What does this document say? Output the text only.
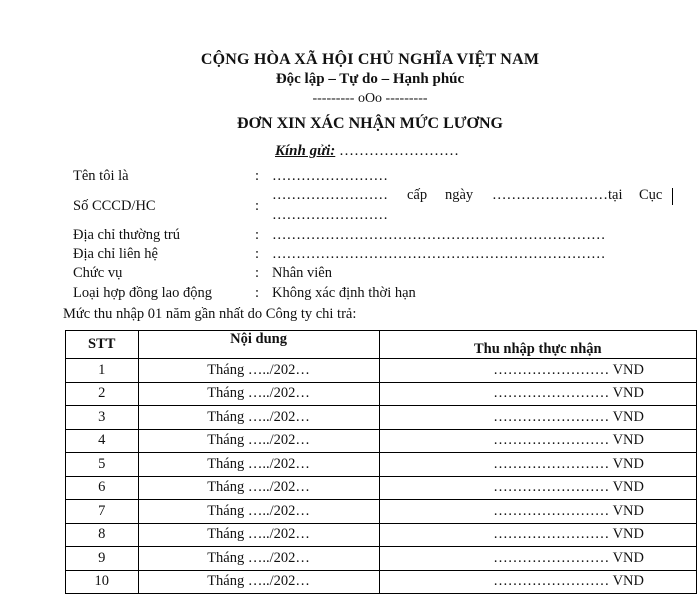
CỘNG HÒA XÃ HỘI CHỦ NGHĨA VIỆT NAM
Độc lập – Tự do – Hạnh phúc
--------- oOo ---------
ĐƠN XIN XÁC NHẬN MỨC LƯƠNG
Kính gửi: ……………………
Tên tôi là	: ……………………
Số CCCD/HC	:
…………………… cấp ngày …………………… tại Cục
……………………
Địa chỉ thường trú	: ……………………………………………………………
Địa chỉ liên hệ	: ……………………………………………………………
Chức vụ	: Nhân viên
Loại hợp đồng lao động	: Không xác định thời hạn
Mức thu nhập 01 năm gần nhất do Công ty chi trả:
STT	Nội dung	Thu nhập thực nhận
1	Tháng …../202…	…………………… VND
2	Tháng …../202…	…………………… VND
3	Tháng …../202…	…………………… VND
4	Tháng …../202…	…………………… VND
5	Tháng …../202…	…………………… VND
6	Tháng …../202…	…………………… VND
7	Tháng …../202…	…………………… VND
8	Tháng …../202…	…………………… VND
9	Tháng …../202…	…………………… VND
10	Tháng …../202…	…………………… VND
